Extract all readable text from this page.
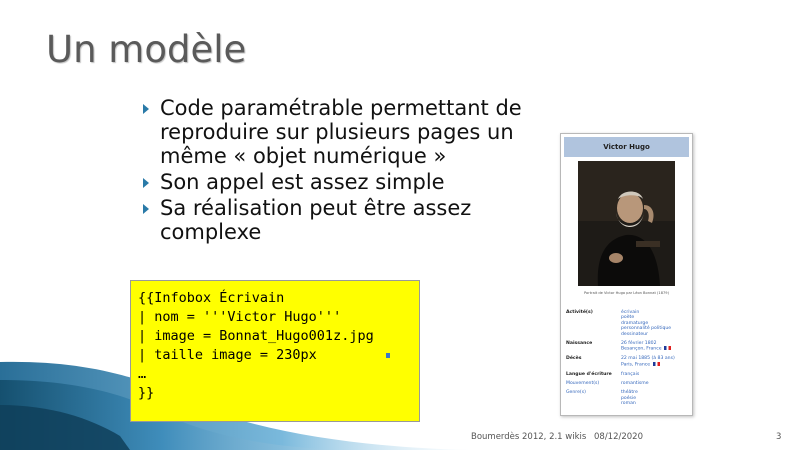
Un modèle
Code paramétrable permettant de reproduire sur plusieurs pages un même « objet numérique »
Son appel est assez simple
Sa réalisation peut être assez complexe
{{Infobox Écrivain
| nom = '''Victor Hugo'''
| image = Bonnat_Hugo001z.jpg
| taille image = 230px
…
}}
Victor Hugo
Portrait de Victor Hugo par Léon Bonnat (1879)
Activité(s)	écrivain
poète
dramaturge
personnalité politique
dessinateur
Naissance	26 février 1802
Besançon, France
Décès	22 mai 1885 (à 83 ans)
Paris, France
Langue d'écriture	français
Mouvement(s)	romantisme
Genre(s)	théâtre
poésie
roman
Boumerdès 2012, 2.1 wikis 08/12/2020	3
